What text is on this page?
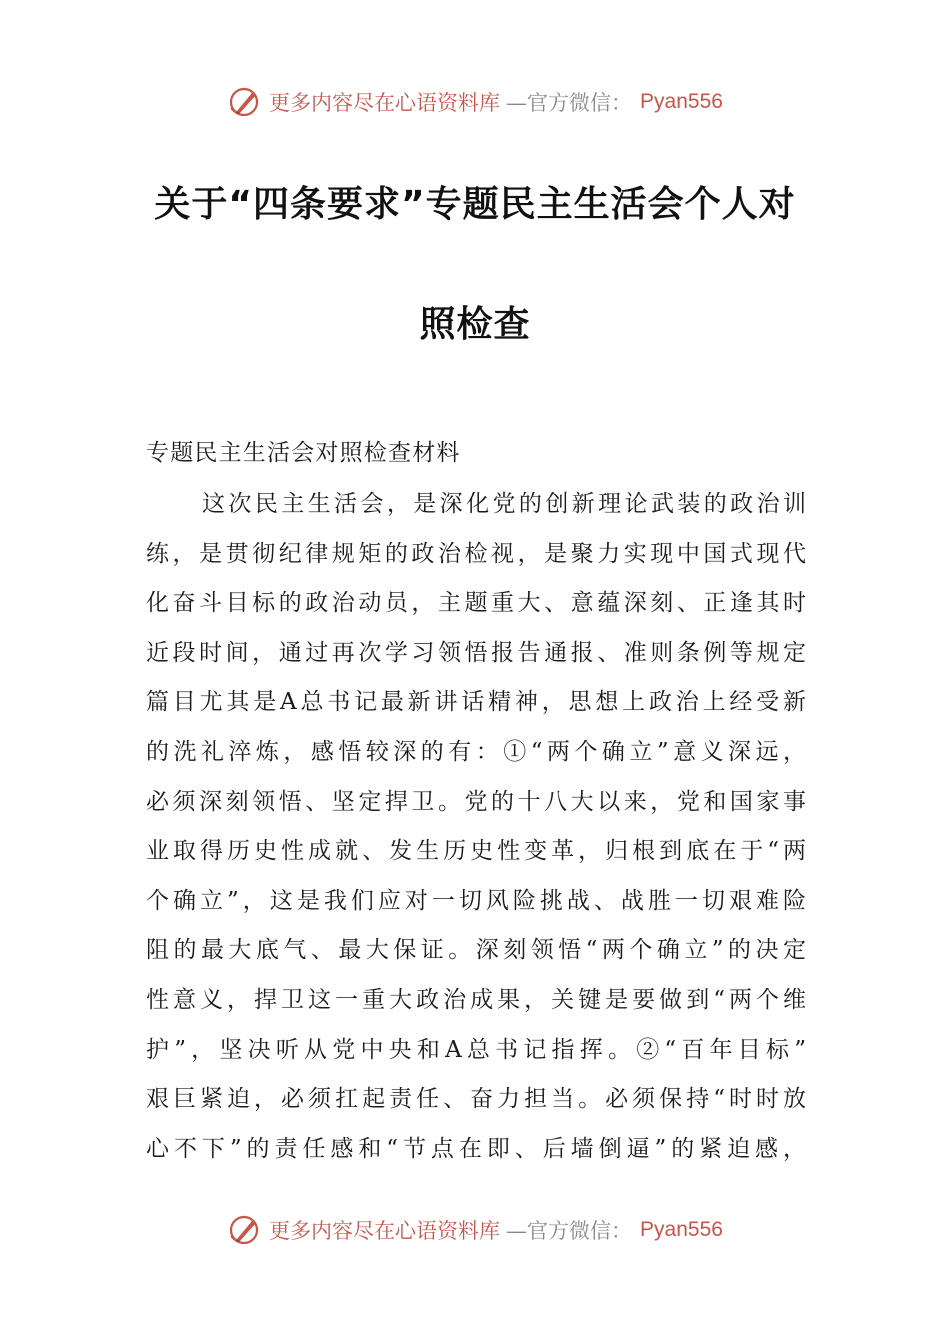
更多内容尽在心语资料库 —官方微信： Pyan556
关于“四条要求”专题民主生活会个人对
照检查

专题民主生活会对照检查材料

这次民主生活会，是深化党的创新理论武装的政治训
练，是贯彻纪律规矩的政治检视，是聚力实现中国式现代
化奋斗目标的政治动员，主题重大、意蕴深刻、正逢其时
近段时间，通过再次学习领悟报告通报、准则条例等规定
篇目尤其是A总书记最新讲话精神，思想上政治上经受新
的洗礼淬炼，感悟较深的有：①“两个确立”意义深远，
必须深刻领悟、坚定捍卫。党的十八大以来，党和国家事
业取得历史性成就、发生历史性变革，归根到底在于“两
个确立”，这是我们应对一切风险挑战、战胜一切艰难险
阻的最大底气、最大保证。深刻领悟“两个确立”的决定
性意义，捍卫这一重大政治成果，关键是要做到“两个维
护”，坚决听从党中央和A总书记指挥。②“百年目标”
艰巨紧迫，必须扛起责任、奋力担当。必须保持“时时放
心不下”的责任感和“节点在即、后墙倒逼”的紧迫感，
更多内容尽在心语资料库 —官方微信： Pyan556
